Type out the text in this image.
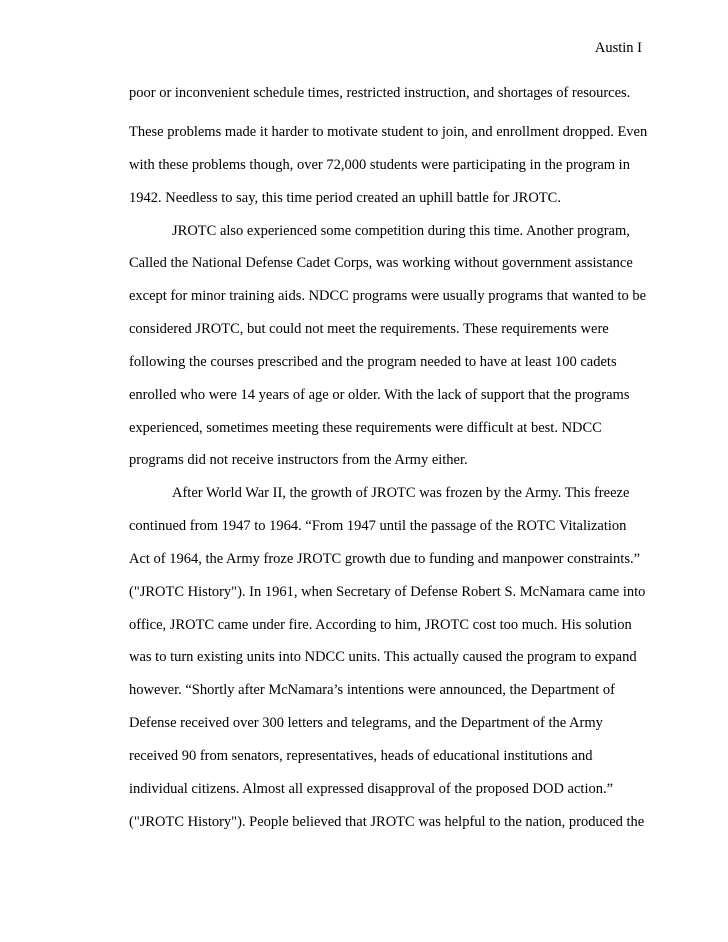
Austin I
poor or inconvenient schedule times, restricted instruction, and shortages of resources.
These problems made it harder to motivate student to join, and enrollment dropped. Even
with these problems though, over 72,000 students were participating in the program in
1942. Needless to say, this time period created an uphill battle for JROTC.
JROTC also experienced some competition during this time. Another program,
Called the National Defense Cadet Corps, was working without government assistance
except for minor training aids. NDCC programs were usually programs that wanted to be
considered JROTC, but could not meet the requirements. These requirements were
following the courses prescribed and the program needed to have at least 100 cadets
enrolled who were 14 years of age or older. With the lack of support that the programs
experienced, sometimes meeting these requirements were difficult at best. NDCC
programs did not receive instructors from the Army either.
After World War II, the growth of JROTC was frozen by the Army. This freeze
continued from 1947 to 1964. “From 1947 until the passage of the ROTC Vitalization
Act of 1964, the Army froze JROTC growth due to funding and manpower constraints.”
("JROTC History"). In 1961, when Secretary of Defense Robert S. McNamara came into
office, JROTC came under fire. According to him, JROTC cost too much. His solution
was to turn existing units into NDCC units. This actually caused the program to expand
however. “Shortly after McNamara’s intentions were announced, the Department of
Defense received over 300 letters and telegrams, and the Department of the Army
received 90 from senators, representatives, heads of educational institutions and
individual citizens. Almost all expressed disapproval of the proposed DOD action.”
("JROTC History"). People believed that JROTC was helpful to the nation, produced the
